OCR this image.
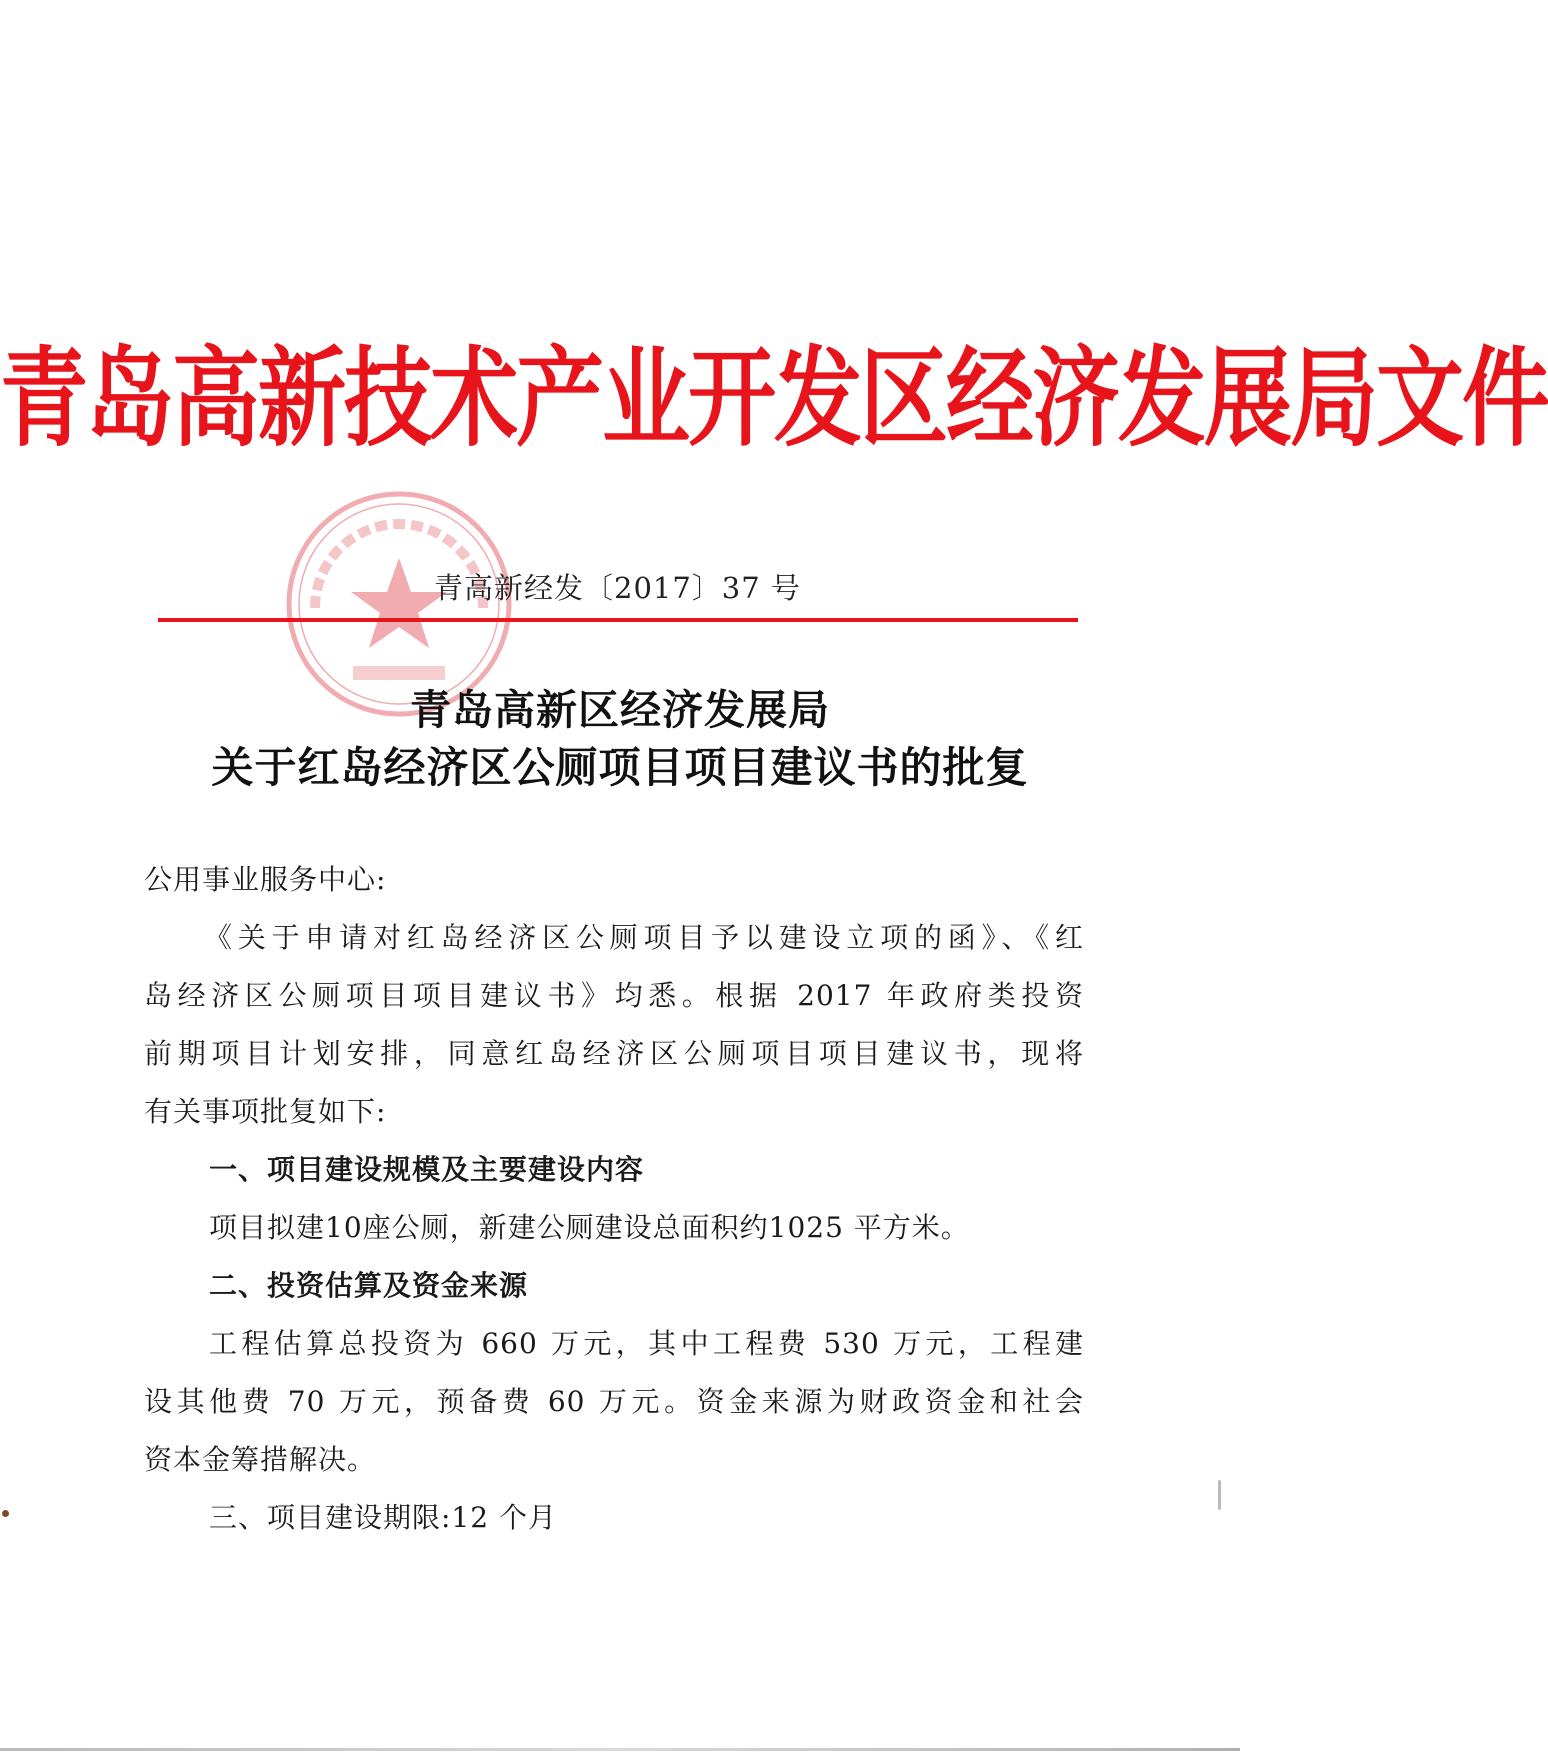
青岛高新技术产业开发区经济发展局文件
青高新经发〔2017〕37 号
青岛高新区经济发展局
关于红岛经济区公厕项目项目建议书的批复
公用事业服务中心:
《关于申请对红岛经济区公厕项目予以建设立项的函》、《红
岛经济区公厕项目项目建议书》均悉。根据 2017 年政府类投资
前期项目计划安排，同意红岛经济区公厕项目项目建议书，现将
有关事项批复如下:
一、项目建设规模及主要建设内容
项目拟建10座公厕，新建公厕建设总面积约1025 平方米。
二、投资估算及资金来源
工程估算总投资为 660 万元，其中工程费 530 万元，工程建
设其他费 70 万元，预备费 60 万元。资金来源为财政资金和社会
资本金筹措解决。
三、项目建设期限:12 个月
